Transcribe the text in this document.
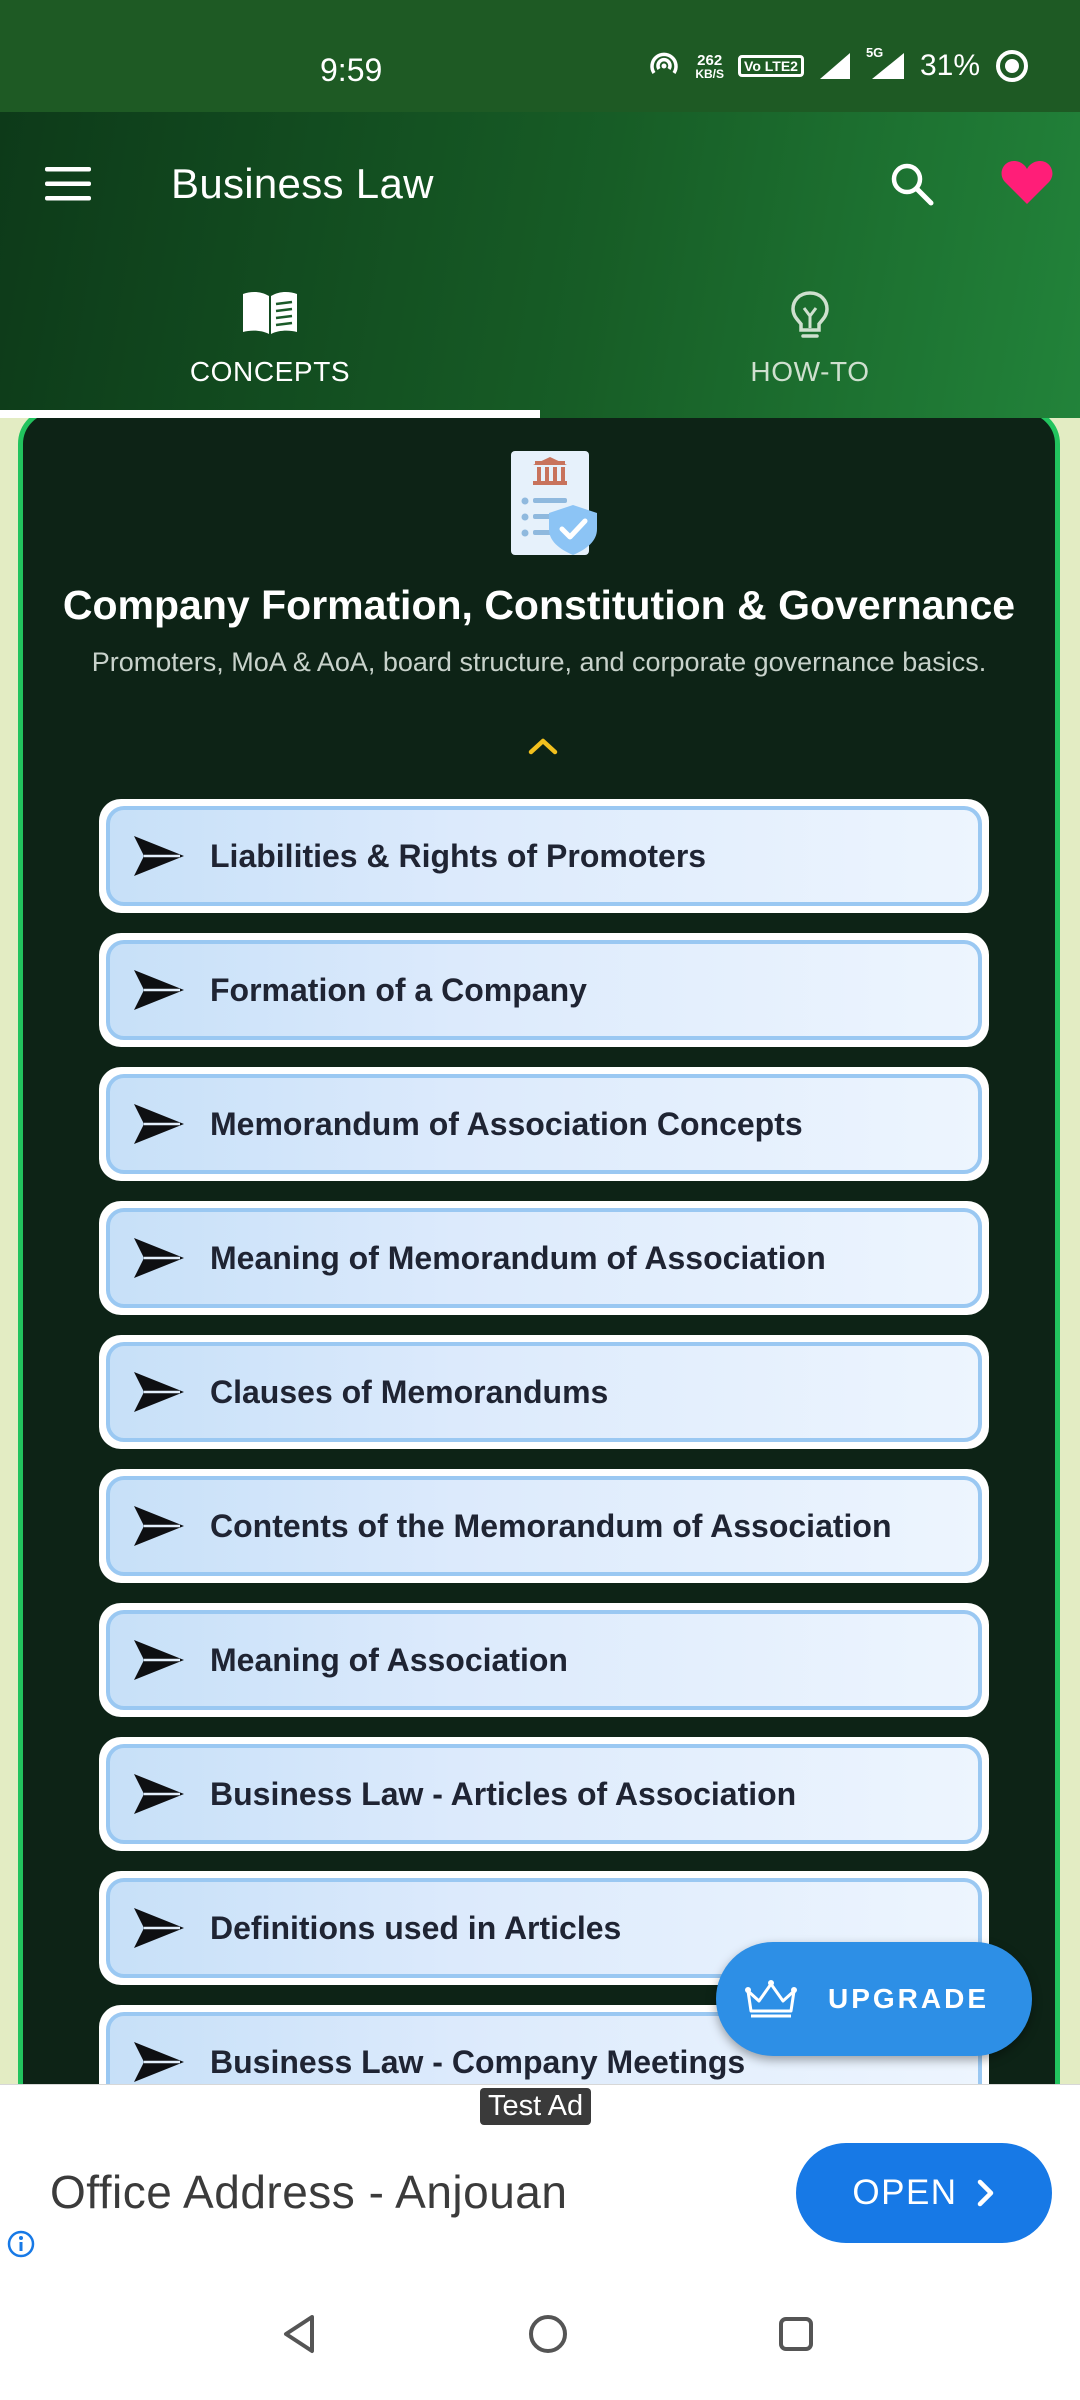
9:59	262
KB/S	Vo LTE2
5G 31%
Business Law
CONCEPTS	HOW-TO
Company Formation, Constitution & Governance
Promoters, MoA & AoA, board structure, and corporate governance basics.
Liabilities & Rights of Promoters
Formation of a Company
Memorandum of Association Concepts
Meaning of Memorandum of Association
Clauses of Memorandums
Contents of the Memorandum of Association
Meaning of Association
Business Law - Articles of Association
Definitions used in Articles
Business Law - Company Meetings
UPGRADE
Test Ad
Office Address - Anjouan	OPEN
